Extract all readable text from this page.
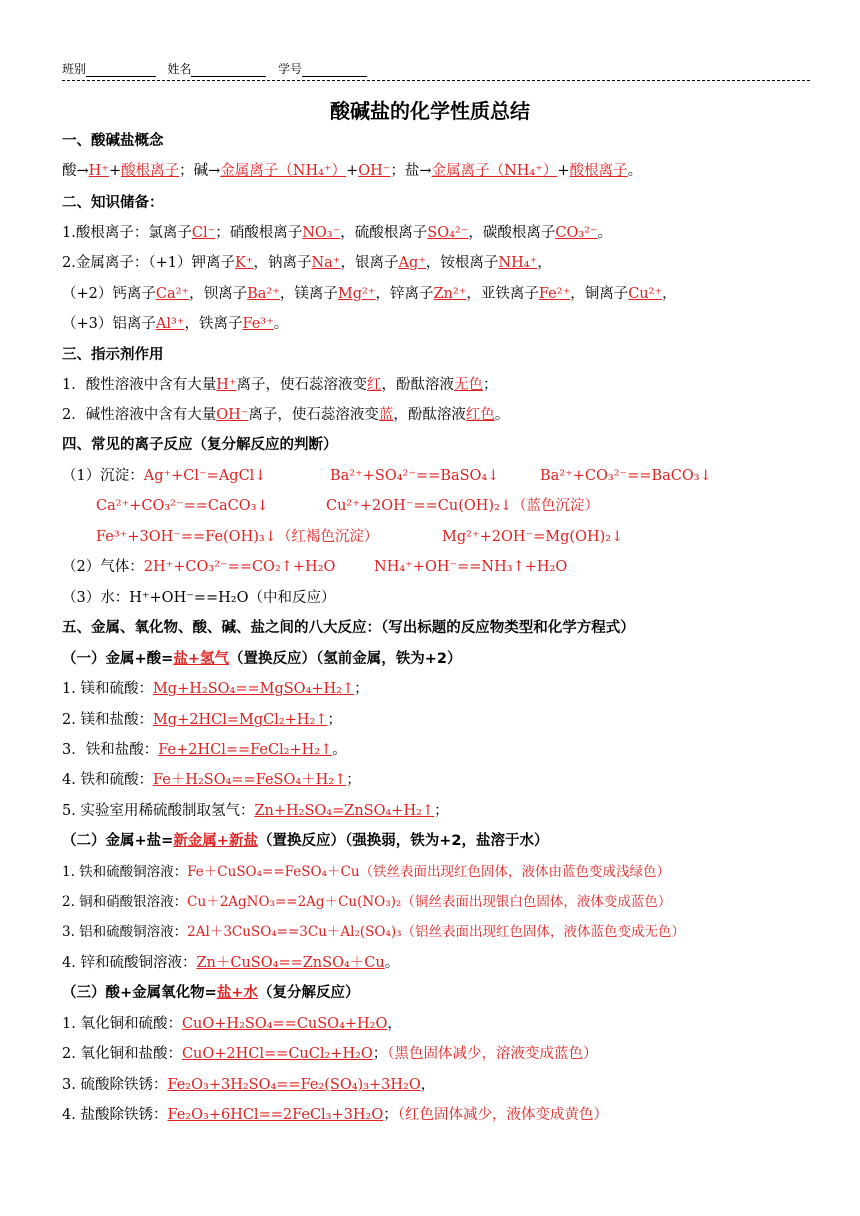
班别	姓名	学号
酸碱盐的化学性质总结
一、酸碱盐概念
酸→H⁺+酸根离子；碱→金属离子（NH₄⁺）+OH⁻；盐→金属离子（NH₄⁺）+酸根离子。
二、知识储备：
1.酸根离子：氯离子Cl⁻；硝酸根离子NO₃⁻，硫酸根离子SO₄²⁻，碳酸根离子CO₃²⁻。
2.金属离子：（+1）钾离子K⁺，钠离子Na⁺，银离子Ag⁺，铵根离子NH₄⁺，
（+2）钙离子Ca²⁺，钡离子Ba²⁺，镁离子Mg²⁺，锌离子Zn²⁺，亚铁离子Fe²⁺，铜离子Cu²⁺，
（+3）铝离子Al³⁺，铁离子Fe³⁺。
三、指示剂作用
1．酸性溶液中含有大量H⁺离子，使石蕊溶液变红，酚酞溶液无色；
2．碱性溶液中含有大量OH⁻离子，使石蕊溶液变蓝，酚酞溶液红色。
四、常见的离子反应（复分解反应的判断）
（1）沉淀：Ag⁺+Cl⁻=AgCl↓	Ba²⁺+SO₄²⁻==BaSO₄↓	Ba²⁺+CO₃²⁻==BaCO₃↓
Ca²⁺+CO₃²⁻==CaCO₃↓	Cu²⁺+2OH⁻==Cu(OH)₂↓（蓝色沉淀）
Fe³⁺+3OH⁻==Fe(OH)₃↓（红褐色沉淀）	Mg²⁺+2OH⁻=Mg(OH)₂↓
（2）气体：2H⁺+CO₃²⁻==CO₂↑+H₂O	NH₄⁺+OH⁻==NH₃↑+H₂O
（3）水：H⁺+OH⁻==H₂O（中和反应）
五、金属、氧化物、酸、碱、盐之间的八大反应：（写出标题的反应物类型和化学方程式）
（一）金属+酸=盐+氢气（置换反应）（氢前金属，铁为+2）
1. 镁和硫酸：Mg+H₂SO₄==MgSO₄+H₂↑；
2. 镁和盐酸：Mg+2HCl=MgCl₂+H₂↑；
3．铁和盐酸：Fe+2HCl==FeCl₂+H₂↑。
4. 铁和硫酸：Fe＋H₂SO₄==FeSO₄＋H₂↑；
5. 实验室用稀硫酸制取氢气：Zn+H₂SO₄=ZnSO₄+H₂↑；
（二）金属+盐=新金属+新盐（置换反应）（强换弱，铁为+2，盐溶于水）
1. 铁和硫酸铜溶液：Fe＋CuSO₄==FeSO₄＋Cu（铁丝表面出现红色固体，液体由蓝色变成浅绿色）
2. 铜和硝酸银溶液：Cu＋2AgNO₃==2Ag＋Cu(NO₃)₂（铜丝表面出现银白色固体，液体变成蓝色）
3. 铝和硫酸铜溶液：2Al＋3CuSO₄==3Cu＋Al₂(SO₄)₃（铝丝表面出现红色固体，液体蓝色变成无色）
4. 锌和硫酸铜溶液：Zn＋CuSO₄==ZnSO₄＋Cu。
（三）酸+金属氧化物=盐+水（复分解反应）
1. 氧化铜和硫酸：CuO+H₂SO₄==CuSO₄+H₂O，
2. 氧化铜和盐酸：CuO+2HCl==CuCl₂+H₂O；（黑色固体减少，溶液变成蓝色）
3. 硫酸除铁锈：Fe₂O₃+3H₂SO₄==Fe₂(SO₄)₃+3H₂O，
4. 盐酸除铁锈：Fe₂O₃+6HCl==2FeCl₃+3H₂O；（红色固体减少，液体变成黄色）
